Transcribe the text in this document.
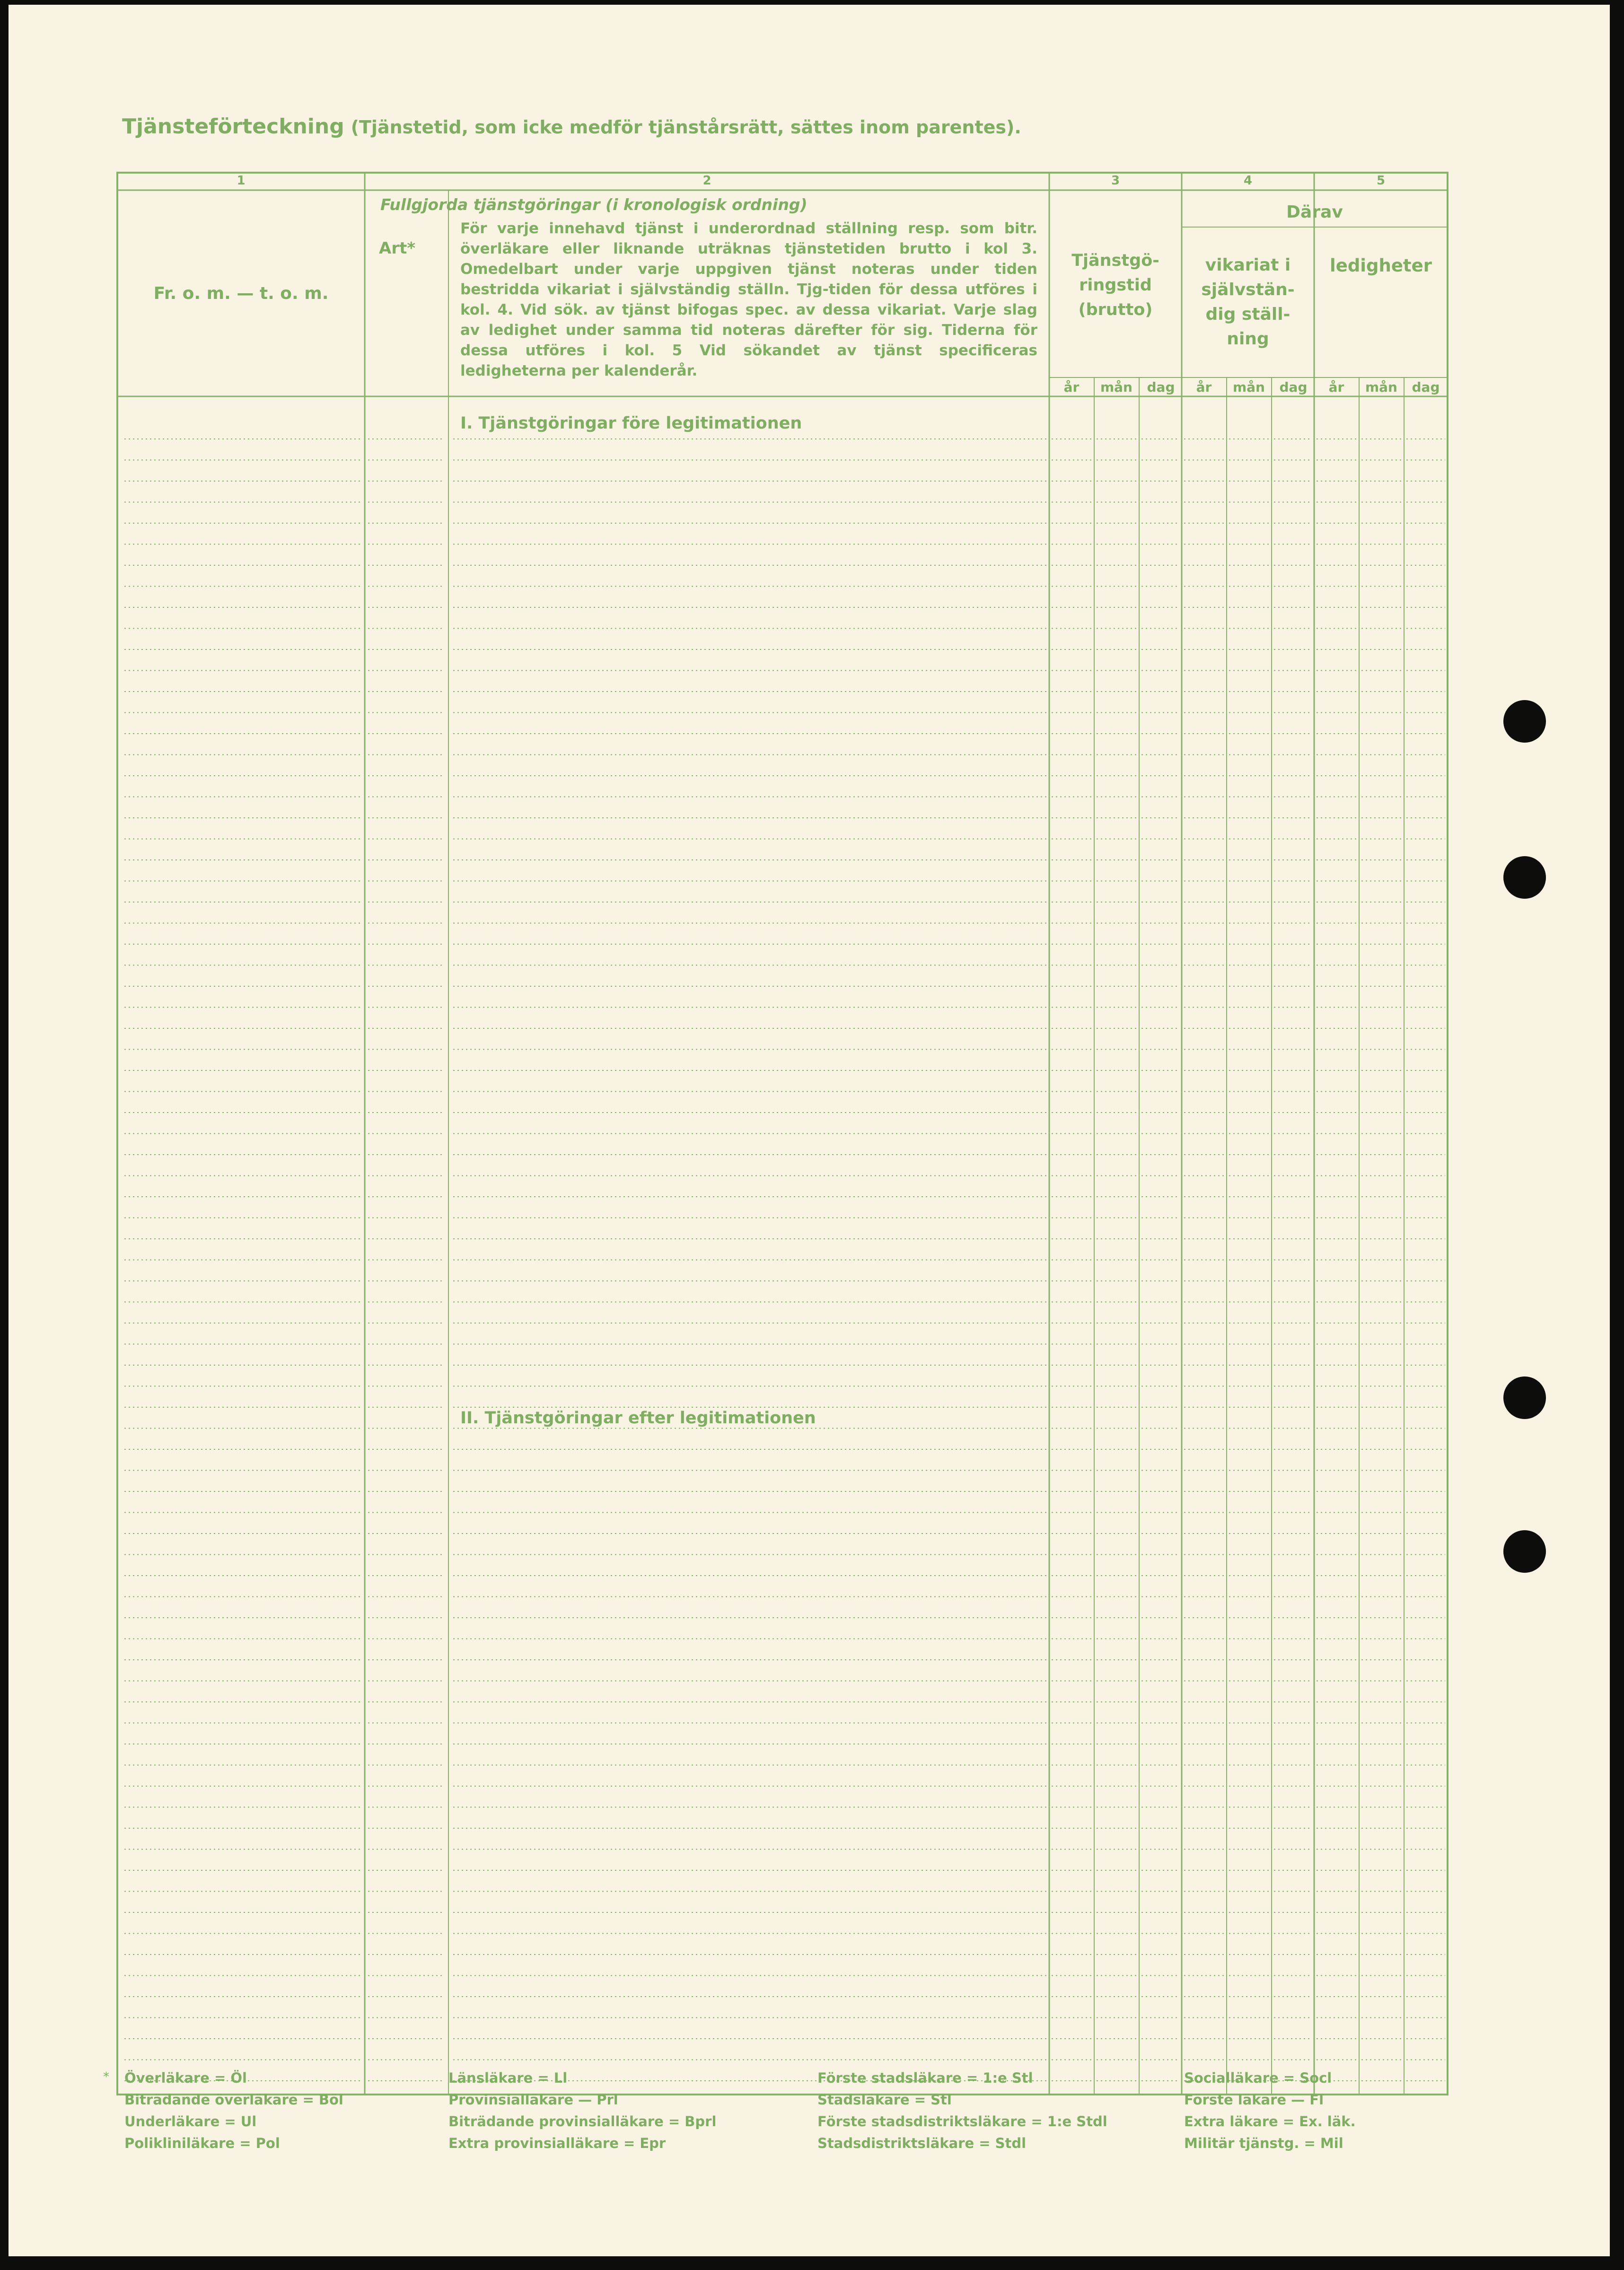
Tjänsteförteckning (Tjänstetid, som icke medför tjänstårsrätt, sättes inom parentes).
1	2	3	4	5
Fr. o. m. — t. o. m.
Fullgjorda tjänstgöringar (i kronologisk ordning)
Art*
För varje innehavd tjänst i underordnad ställning resp. som bitr. överläkare eller liknande uträknas tjänstetiden brutto i kol 3. Omedelbart under varje uppgiven tjänst noteras under tiden bestridda vikariat i självständig ställn. Tjg-tiden för dessa utföres i kol. 4. Vid sök. av tjänst bifogas spec. av dessa vikariat. Varje slag av ledighet under samma tid noteras därefter för sig. Tiderna för dessa utföres i kol. 5 Vid sökandet av tjänst specificeras ledigheterna per kalenderår.
Tjänstgö-
ringstid
(brutto)
Därav
vikariat i
självstän-
dig ställ-
ning
ledigheter
år	mån	dag	år	mån	dag	år	mån	dag
I. Tjänstgöringar före legitimationen
II. Tjänstgöringar efter legitimationen
* Överläkare = Öl
Biträdande överläkare = Böl
Underläkare = Ul
Polikliniläkare = Pol
Länsläkare = Ll
Provinsialläkare — Prl
Biträdande provinsialläkare = Bprl
Extra provinsialläkare = Epr
Förste stadsläkare = 1:e Stl
Stadsläkare = Stl
Förste stadsdistriktsläkare = 1:e Stdl
Stadsdistriktsläkare = Stdl
Socialläkare = Socl
Förste läkare — Fl
Extra läkare = Ex. läk.
Militär tjänstg. = Mil
